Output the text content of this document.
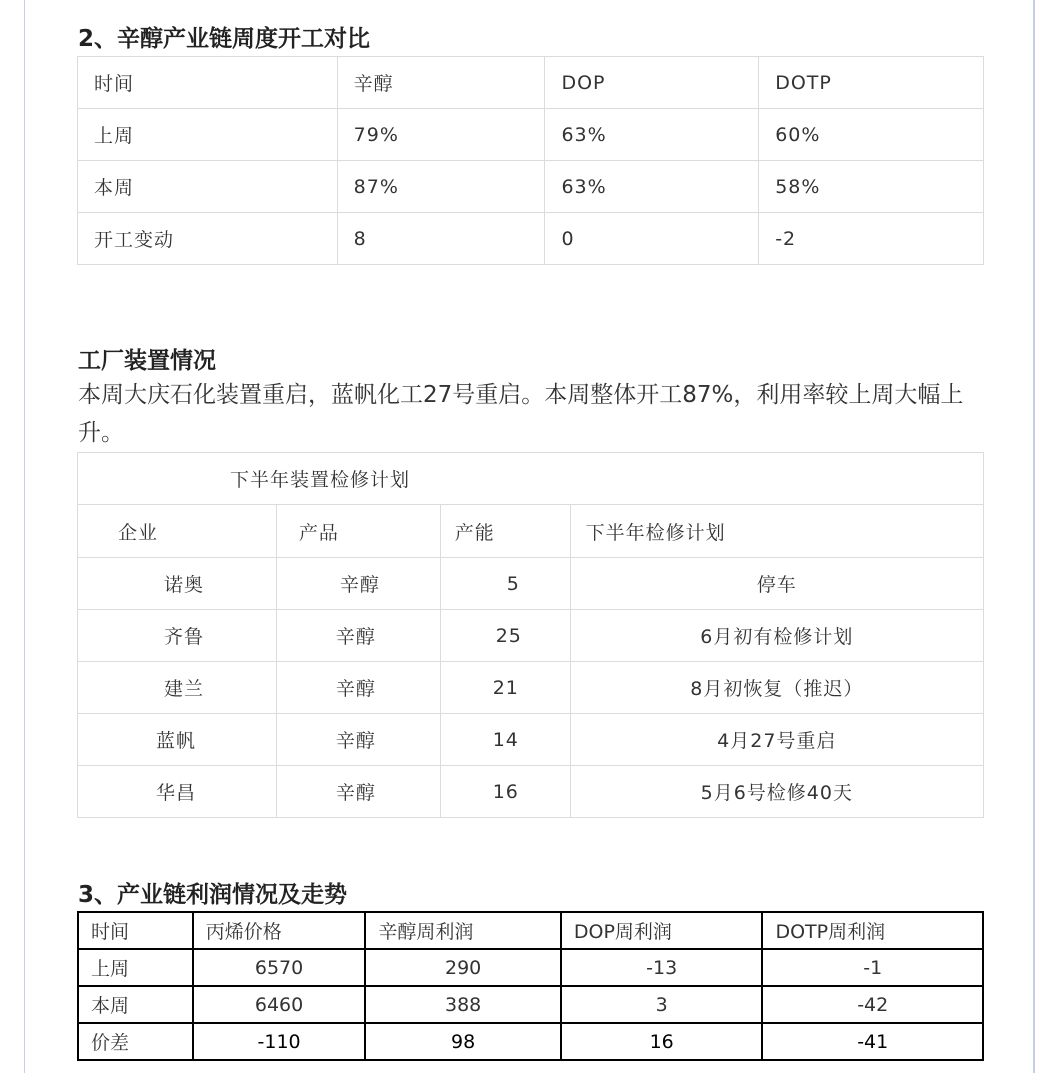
2、辛醇产业链周度开工对比
时间	辛醇	DOP	DOTP
上周	79%	63%	60%
本周	87%	63%	58%
开工变动	8	0	-2
工厂装置情况
本周大庆石化装置重启，蓝帆化工27号重启。本周整体开工87%，利用率较上周大幅上升。
下半年装置检修计划			
企业	产品	产能	下半年检修计划
诺奥	辛醇	5	停车
齐鲁	辛醇	25	6月初有检修计划
建兰	辛醇	21	8月初恢复（推迟）
蓝帆	辛醇	14	4月27号重启
华昌	辛醇	16	5月6号检修40天
3、产业链利润情况及走势
时间	丙烯价格	辛醇周利润	DOP周利润	DOTP周利润
上周	6570	290	-13	-1
本周	6460	388	3	-42
价差	-110	98	16	-41
